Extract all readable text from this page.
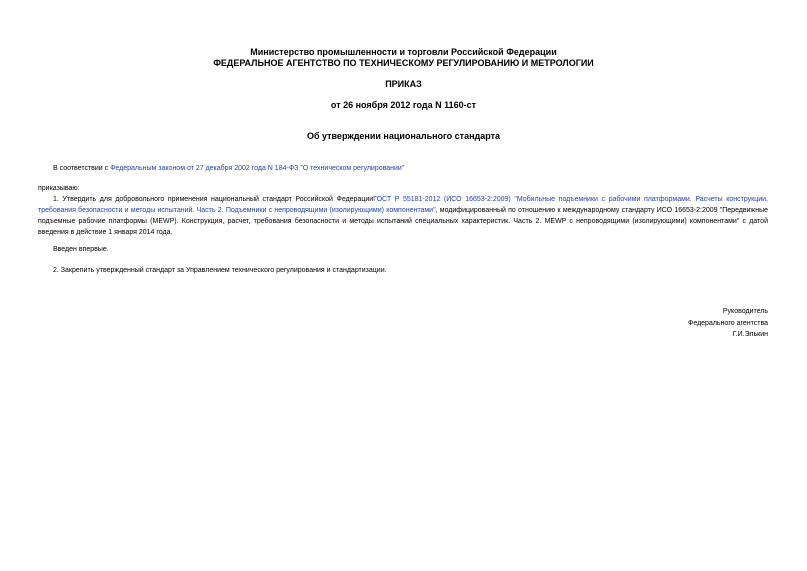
Министерство промышленности и торговли Российской Федерации
ФЕДЕРАЛЬНОЕ АГЕНТСТВО ПО ТЕХНИЧЕСКОМУ РЕГУЛИРОВАНИЮ И МЕТРОЛОГИИ
ПРИКАЗ
от 26 ноября 2012 года N 1160-ст
Об утверждении национального стандарта
В соответствии с Федеральным законом от 27 декабря 2002 года N 184-ФЗ "О техническом регулировании"
приказываю:
1. Утвердить для добровольного применения национальный стандарт Российской ФедерацииГОСТ Р 55181-2012 (ИСО 16653-2:2009) "Мобильные подъемники с рабочими платформами. Расчеты конструкции, требования безопасности и методы испытаний. Часть 2. Подъемники с непроводящими (изолирующими) компонентами", модифицированный по отношению к международному стандарту ИСО 16653-2:2009 "Передвижные подъемные рабочие платформы (MEWP). Конструкция, расчет, требования безопасности и методы испытаний специальных характеристик. Часть 2. MEWP с непроводящими (изолирующими) компонентами" с датой введения в действие 1 января 2014 года.
Введен впервые.
2. Закрепить утвержденный стандарт за Управлением технического регулирования и стандартизации.
Руководитель
Федерального агентства
Г.И.Элькин
